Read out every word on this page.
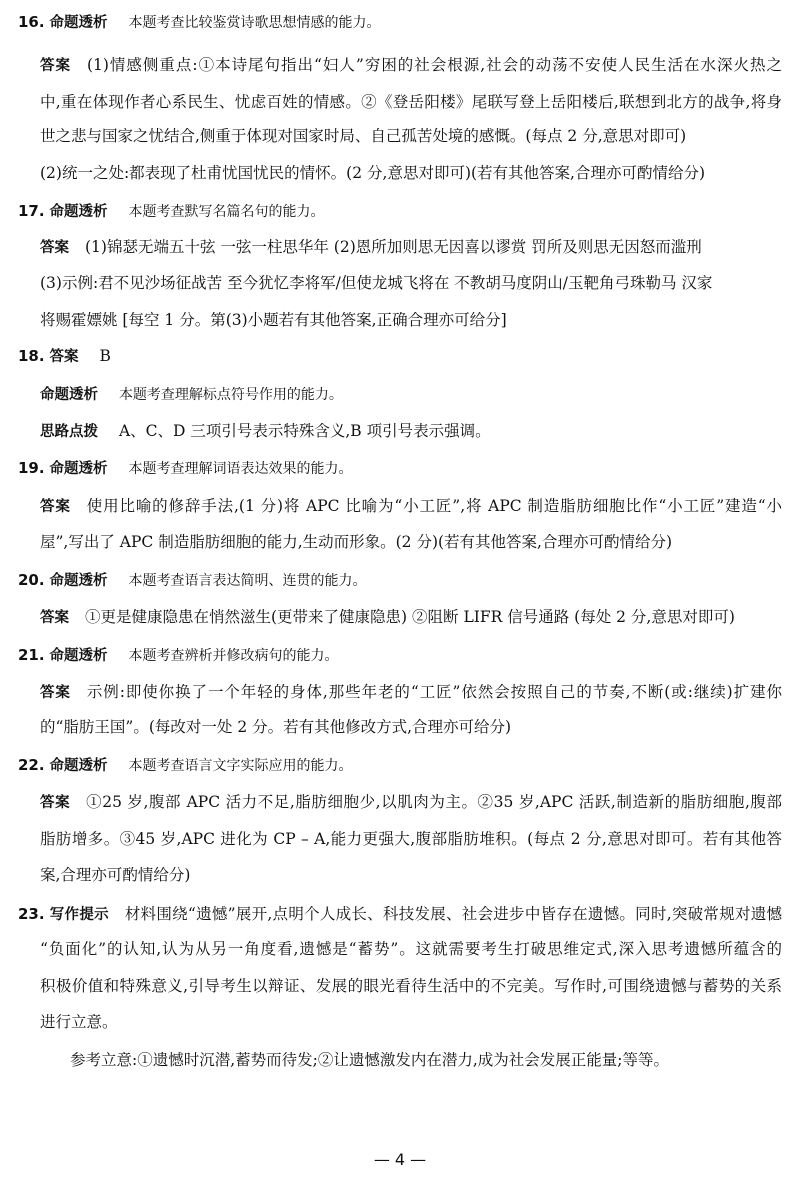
16. 命题透析 本题考查比较鉴赏诗歌思想情感的能力。
答案 (1)情感侧重点:①本诗尾句指出“妇人”穷困的社会根源,社会的动荡不安使人民生活在水深火热之
中,重在体现作者心系民生、忧虑百姓的情感。②《登岳阳楼》尾联写登上岳阳楼后,联想到北方的战争,将身
世之悲与国家之忧结合,侧重于体现对国家时局、自己孤苦处境的感慨。(每点 2 分,意思对即可)
(2)统一之处:都表现了杜甫忧国忧民的情怀。(2 分,意思对即可)(若有其他答案,合理亦可酌情给分)
17. 命题透析 本题考查默写名篇名句的能力。
答案 (1)锦瑟无端五十弦 一弦一柱思华年 (2)恩所加则思无因喜以谬赏 罚所及则思无因怒而滥刑
(3)示例:君不见沙场征战苦 至今犹忆李将军/但使龙城飞将在 不教胡马度阴山/玉靶角弓珠勒马 汉家
将赐霍嫖姚 [每空 1 分。第(3)小题若有其他答案,正确合理亦可给分]
18. 答案 B
命题透析 本题考查理解标点符号作用的能力。
思路点拨 A、C、D 三项引号表示特殊含义,B 项引号表示强调。
19. 命题透析 本题考查理解词语表达效果的能力。
答案 使用比喻的修辞手法,(1 分)将 APC 比喻为“小工匠”,将 APC 制造脂肪细胞比作“小工匠”建造“小
屋”,写出了 APC 制造脂肪细胞的能力,生动而形象。(2 分)(若有其他答案,合理亦可酌情给分)
20. 命题透析 本题考查语言表达简明、连贯的能力。
答案 ①更是健康隐患在悄然滋生(更带来了健康隐患) ②阻断 LIFR 信号通路 (每处 2 分,意思对即可)
21. 命题透析 本题考查辨析并修改病句的能力。
答案 示例:即使你换了一个年轻的身体,那些年老的“工匠”依然会按照自己的节奏,不断(或:继续)扩建你
的“脂肪王国”。(每改对一处 2 分。若有其他修改方式,合理亦可给分)
22. 命题透析 本题考查语言文字实际应用的能力。
答案 ①25 岁,腹部 APC 活力不足,脂肪细胞少,以肌肉为主。②35 岁,APC 活跃,制造新的脂肪细胞,腹部
脂肪增多。③45 岁,APC 进化为 CP – A,能力更强大,腹部脂肪堆积。(每点 2 分,意思对即可。若有其他答
案,合理亦可酌情给分)
23. 写作提示 材料围绕“遗憾”展开,点明个人成长、科技发展、社会进步中皆存在遗憾。同时,突破常规对遗憾
“负面化”的认知,认为从另一角度看,遗憾是“蓄势”。这就需要考生打破思维定式,深入思考遗憾所蕴含的
积极价值和特殊意义,引导考生以辩证、发展的眼光看待生活中的不完美。写作时,可围绕遗憾与蓄势的关系
进行立意。
参考立意:①遗憾时沉潜,蓄势而待发;②让遗憾激发内在潜力,成为社会发展正能量;等等。
— 4 —
